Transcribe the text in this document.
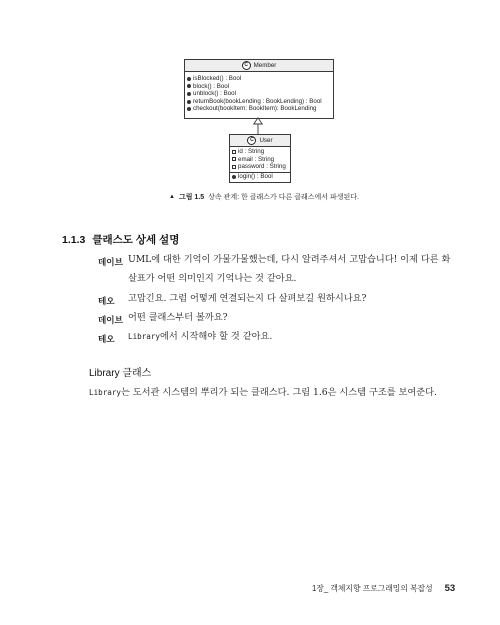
C Member
isBlocked() : Bool
block() : Bool
unblock() : Bool
returnBook(bookLending : BookLending) : Bool
checkout(bookItem: BookItem): BookLending
C User
id : String
email : String
password : String
login() : Bool
▲ 그림 1.5 상속 관계: 한 클래스가 다른 클래스에서 파생된다.
1.1.3 클래스도 상세 설명
데이브 UML에 대한 기억이 가물가물했는데, 다시 알려주셔서 고맙습니다! 이제 다른 화
살표가 어떤 의미인지 기억나는 것 같아요.
테오 고맙긴요. 그럼 어떻게 연결되는지 다 살펴보길 원하시나요?
데이브 어떤 클래스부터 볼까요?
테오 Library에서 시작해야 할 것 같아요.
Library 클래스
Library는 도서관 시스템의 뿌리가 되는 클래스다. 그림 1.6은 시스템 구조를 보여준다.
1장_ 객체지향 프로그래밍의 복잡성 53
